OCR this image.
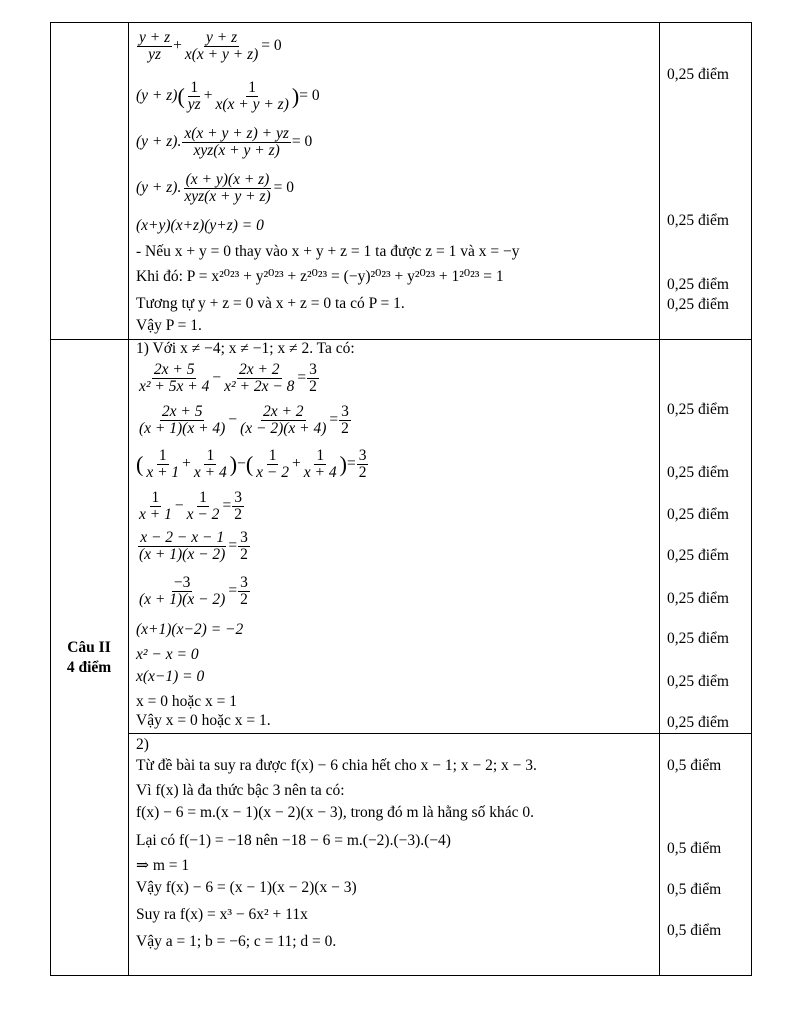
$\frac{y + z}{yz} + \frac{y + z}{x(x + y + z)} = 0$
$(y + z)( \frac{1}{yz} + \frac{1}{x(x + y + z)}$ )= 0
(y + z). $\frac{x(x + y + z) + yz}{\text{xyz(x + y + z)}} = 0$
(y + z). $\frac{(x + y)(x + z)}{\text{xyz(x + y + z)}} = 0$
(x+y)(x+z)(y+z) = 0
- Nếu x + y = 0 thay vào x + y + z = 1 ta được z = 1 và x = −y
Khi đó: P = x²⁰²³ + y²⁰²³ + z²⁰²³ = (−y)²⁰²³ + y²⁰²³ + 1²⁰²³ = 1
Tương tự y + z = 0 và x + z = 0 ta có P = 1.
Vậy P = 1.
0,25 điểm
0,25 điểm
0,25 điểm
0,25 điểm
Câu II
4 điểm
1) Với x ≠ −4; x ≠ −1; x ≠ 2. Ta có:
$\frac{2x + 5}{\text{x² + 5x + 4}} - \frac{2x + 2}{\text{x² + 2x − 8}} = \frac{3}{2}$
$\frac{2x + 5}{(x + 1)(x + 4)} - \frac{2x + 2}{(x - 2)(x + 4)} = \frac{3}{2}$
( $\frac{1}{x + 1} + \frac{1}{x + 4}$ )−( $\frac{1}{x - 2} + \frac{1}{x + 4}$ )= $\frac{3}{2}$
$\frac{1}{x + 1} - \frac{1}{x - 2} = \frac{3}{2}$
$\frac{x - 2 - x - 1}{(x + 1)(x - 2)} = \frac{3}{2}$
$\frac{-3}{(x + 1)(x - 2)} = \frac{3}{2}$
(x+1)(x−2) = −2
x² − x = 0
x(x−1) = 0
x = 0 hoặc x = 1
Vậy x = 0 hoặc x = 1.
0,25 điểm
0,25 điểm
0,25 điểm
0,25 điểm
0,25 điểm
0,25 điểm
0,25 điểm
0,25 điểm
2)
Từ đề bài ta suy ra được f(x) − 6 chia hết cho x − 1; x − 2; x − 3.
Vì f(x) là đa thức bậc 3 nên ta có:
f(x) − 6 = m.(x − 1)(x − 2)(x − 3), trong đó m là hằng số khác 0.
Lại có f(−1) = −18 nên −18 − 6 = m.(−2).(−3).(−4)
⇒ m = 1
Vậy f(x) − 6 = (x − 1)(x − 2)(x − 3)
Suy ra f(x) = x³ − 6x² + 11x
Vậy a = 1; b = −6; c = 11; d = 0.
0,5 điểm
0,5 điểm
0,5 điểm
0,5 điểm
